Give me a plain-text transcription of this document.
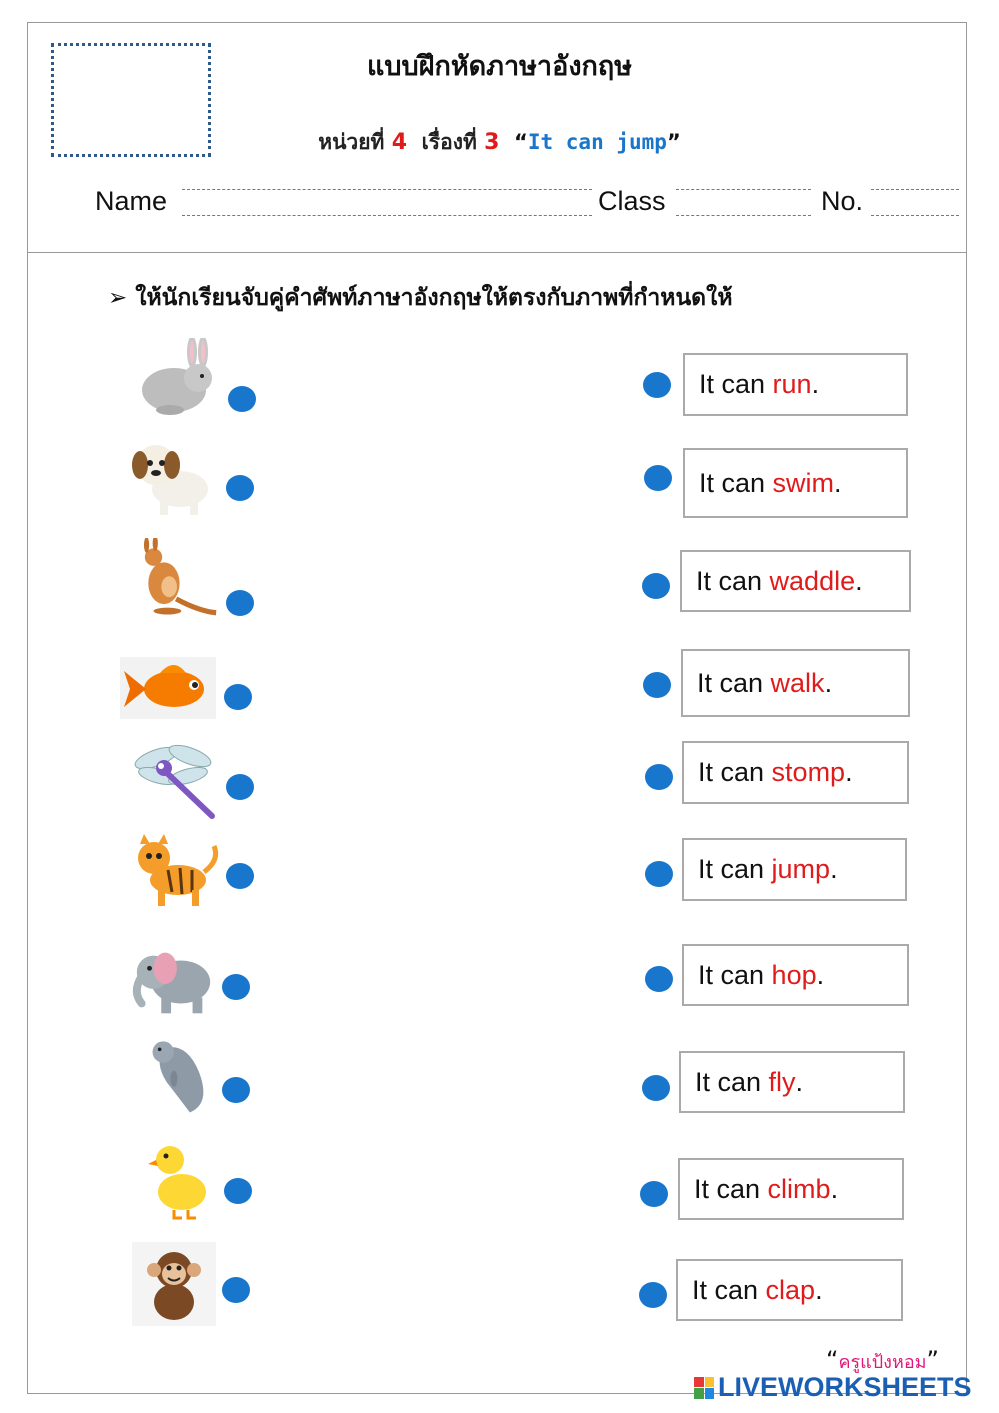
แบบฝึกหัดภาษาอังกฤษ
หน่วยที่ 4 เรื่องที่ 3 “It can jump”
Name	Class	No.
➢ ให้นักเรียนจับคู่คำศัพท์ภาษาอังกฤษให้ตรงกับภาพที่กำหนดให้
It can run .
It can swim .
It can waddle .
It can walk .
It can stomp .
It can jump .
It can hop .
It can fly .
It can climb .
It can clap .
“ครูแป้งหอม”
LIVEWORKSHEETS
